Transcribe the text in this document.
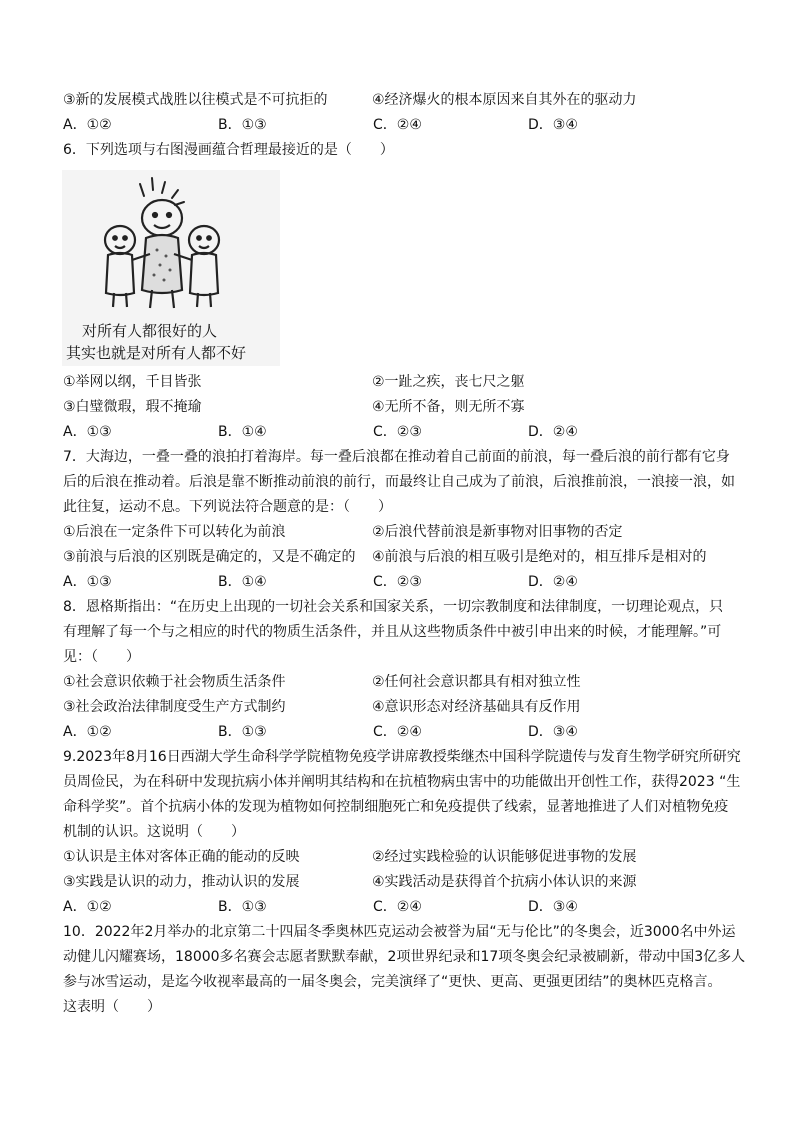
③新的发展模式战胜以往模式是不可抗拒的	④经济爆火的根本原因来自其外在的驱动力
A．①②	B．①③	C．②④	D．③④
6．下列选项与右图漫画蕴合哲理最接近的是（　　）
对所有人都很好的人
其实也就是对所有人都不好
①举网以纲，千目皆张	②一趾之疾，丧七尺之躯
③白璧微瑕，瑕不掩瑜	④无所不备，则无所不寡
A．①③	B．①④	C．②③	D．②④
7．大海边，一叠一叠的浪拍打着海岸。每一叠后浪都在推动着自己前面的前浪，每一叠后浪的前行都有它身
后的后浪在推动着。后浪是靠不断推动前浪的前行，而最终让自己成为了前浪，后浪推前浪，一浪接一浪，如
此往复，运动不息。下列说法符合题意的是：（　　）
①后浪在一定条件下可以转化为前浪	②后浪代替前浪是新事物对旧事物的否定
③前浪与后浪的区别既是确定的，又是不确定的 ④前浪与后浪的相互吸引是绝对的，相互排斥是相对的
A．①③	B．①④	C．②③	D．②④
8．恩格斯指出：“在历史上出现的一切社会关系和国家关系，一切宗教制度和法律制度，一切理论观点，只
有理解了每一个与之相应的时代的物质生活条件，并且从这些物质条件中被引申出来的时候，才能理解。”可
见：（　　）
①社会意识依赖于社会物质生活条件	②任何社会意识都具有相对独立性
③社会政治法律制度受生产方式制约	④意识形态对经济基础具有反作用
A．①②	B．①③	C．②④	D．③④
9.2023年8月16日西湖大学生命科学学院植物免疫学讲席教授柴继杰中国科学院遗传与发育生物学研究所研究
员周俭民，为在科研中发现抗病小体并阐明其结构和在抗植物病虫害中的功能做出开创性工作，获得2023 “生
命科学奖”。首个抗病小体的发现为植物如何控制细胞死亡和免疫提供了线索，显著地推进了人们对植物免疫
机制的认识。这说明（　　）
①认识是主体对客体正确的能动的反映	②经过实践检验的认识能够促进事物的发展
③实践是认识的动力，推动认识的发展	④实践活动是获得首个抗病小体认识的来源
A．①②	B．①③	C．②④	D．③④
10．2022年2月举办的北京第二十四届冬季奥林匹克运动会被誉为届“无与伦比”的冬奥会，近3000名中外运
动健儿闪耀赛场，18000多名赛会志愿者默默奉献，2项世界纪录和17项冬奥会纪录被刷新，带动中国3亿多人
参与冰雪运动，是迄今收视率最高的一届冬奥会，完美演绎了“更快、更高、更强更团结”的奥林匹克格言。
这表明（　　）
